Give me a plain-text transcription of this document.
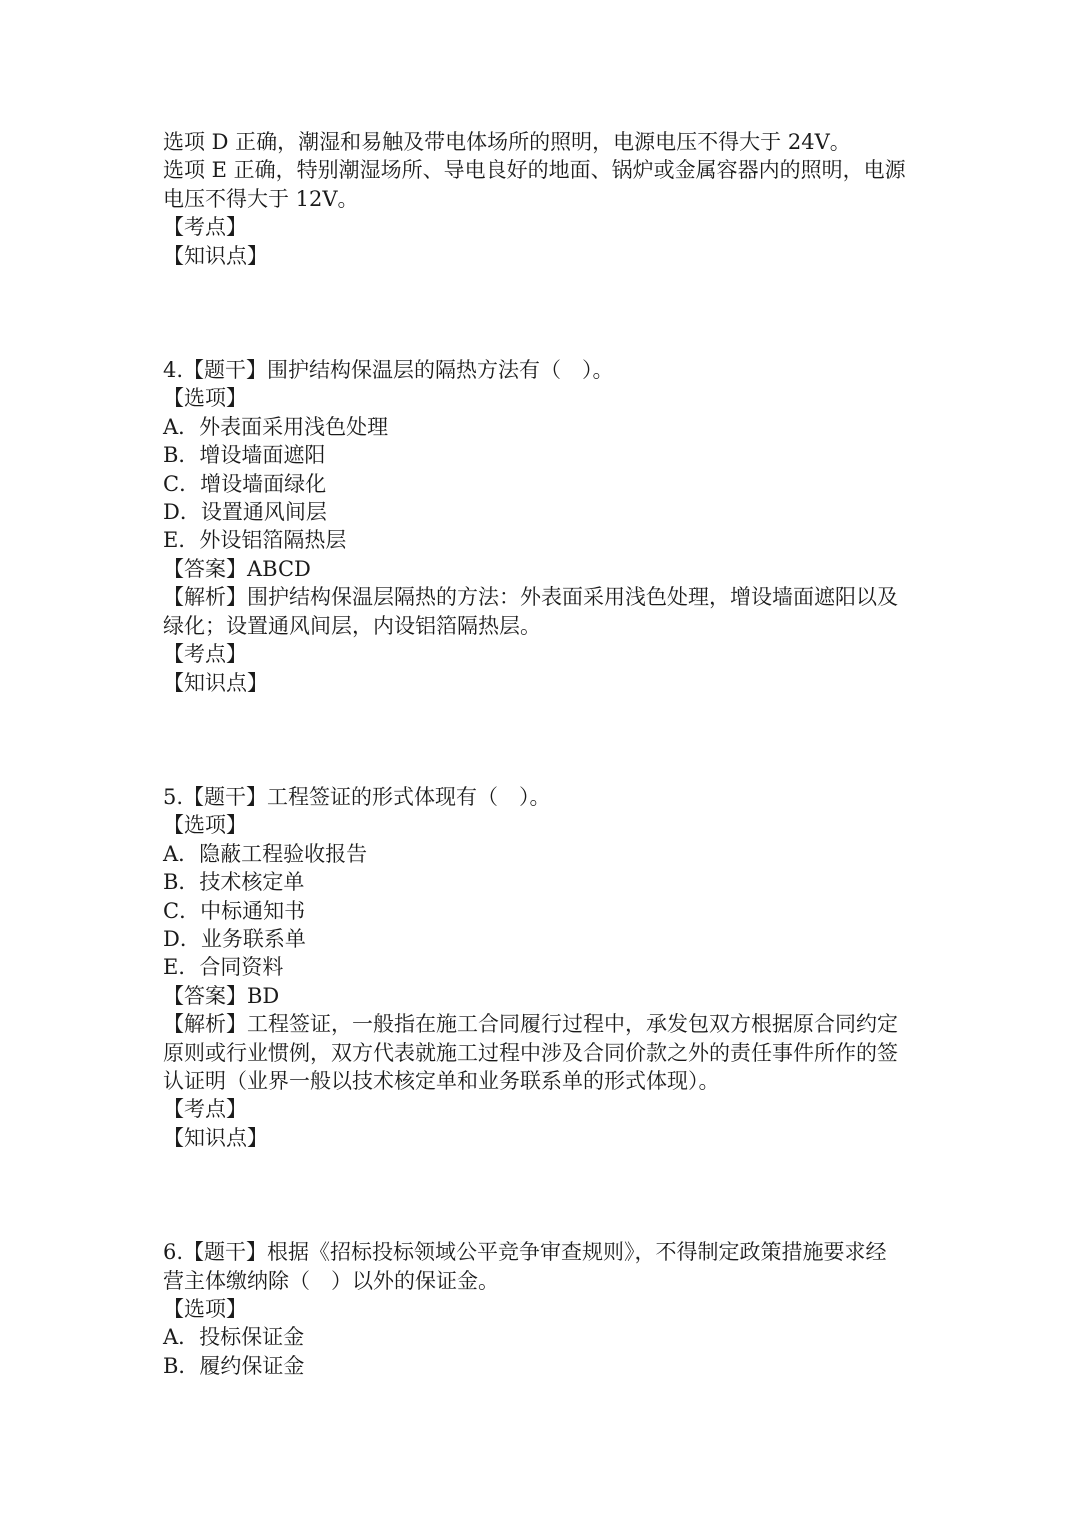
选项 D 正确，潮湿和易触及带电体场所的照明，电源电压不得大于 24V。

选项 E 正确，特别潮湿场所、导电良好的地面、锅炉或金属容器内的照明，电源

电压不得大于 12V。

【考点】

【知识点】

4.【题干】围护结构保温层的隔热方法有（　）。

【选项】

A．外表面采用浅色处理

B．增设墙面遮阳

C．增设墙面绿化

D．设置通风间层

E．外设铝箔隔热层

【答案】ABCD

【解析】围护结构保温层隔热的方法：外表面采用浅色处理，增设墙面遮阳以及

绿化；设置通风间层，内设铝箔隔热层。

【考点】

【知识点】

5.【题干】工程签证的形式体现有（　）。

【选项】

A．隐蔽工程验收报告

B．技术核定单

C．中标通知书

D．业务联系单

E．合同资料

【答案】BD

【解析】工程签证，一般指在施工合同履行过程中，承发包双方根据原合同约定

原则或行业惯例，双方代表就施工过程中涉及合同价款之外的责任事件所作的签

认证明（业界一般以技术核定单和业务联系单的形式体现）。

【考点】

【知识点】

6.【题干】根据《招标投标领域公平竞争审查规则》，不得制定政策措施要求经

营主体缴纳除（　）以外的保证金。

【选项】

A．投标保证金

B．履约保证金
